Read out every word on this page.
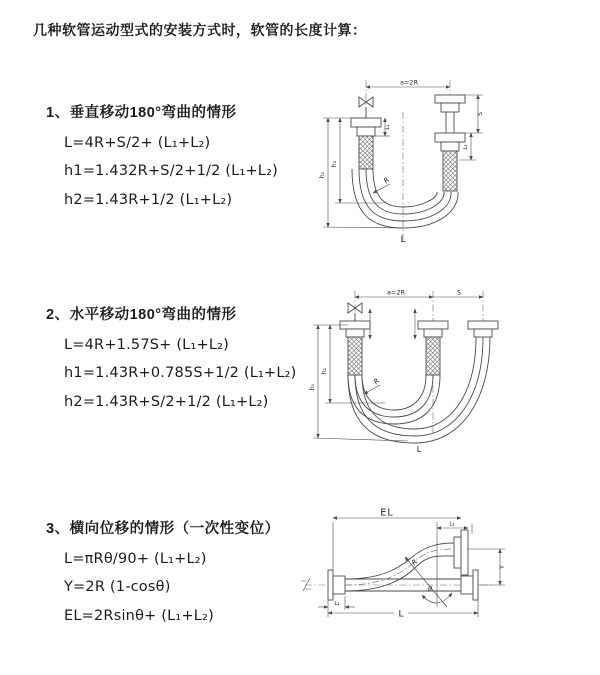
几种软管运动型式的安装方式时，软管的长度计算：
1、垂直移动180°弯曲的情形
L=4R+S/2+ (L₁+L₂)
h1=1.432R+S/2+1/2 (L₁+L₂)
h2=1.43R+1/2 (L₁+L₂)
2、水平移动180°弯曲的情形
L=4R+1.57S+ (L₁+L₂)
h1=1.43R+0.785S+1/2 (L₁+L₂)
h2=1.43R+S/2+1/2 (L₁+L₂)
3、横向位移的情形（一次性变位）
L=πRθ/90+ (L₁+L₂)
Y=2R (1-cosθ)
EL=2Rsinθ+ (L₁+L₂)
a=2R
h₁
h₂
L₁
S
L₂
R
L
a=2R	S
h₁
h₂
R
L
EL
L₂
Y
R
θ
L₁
L
